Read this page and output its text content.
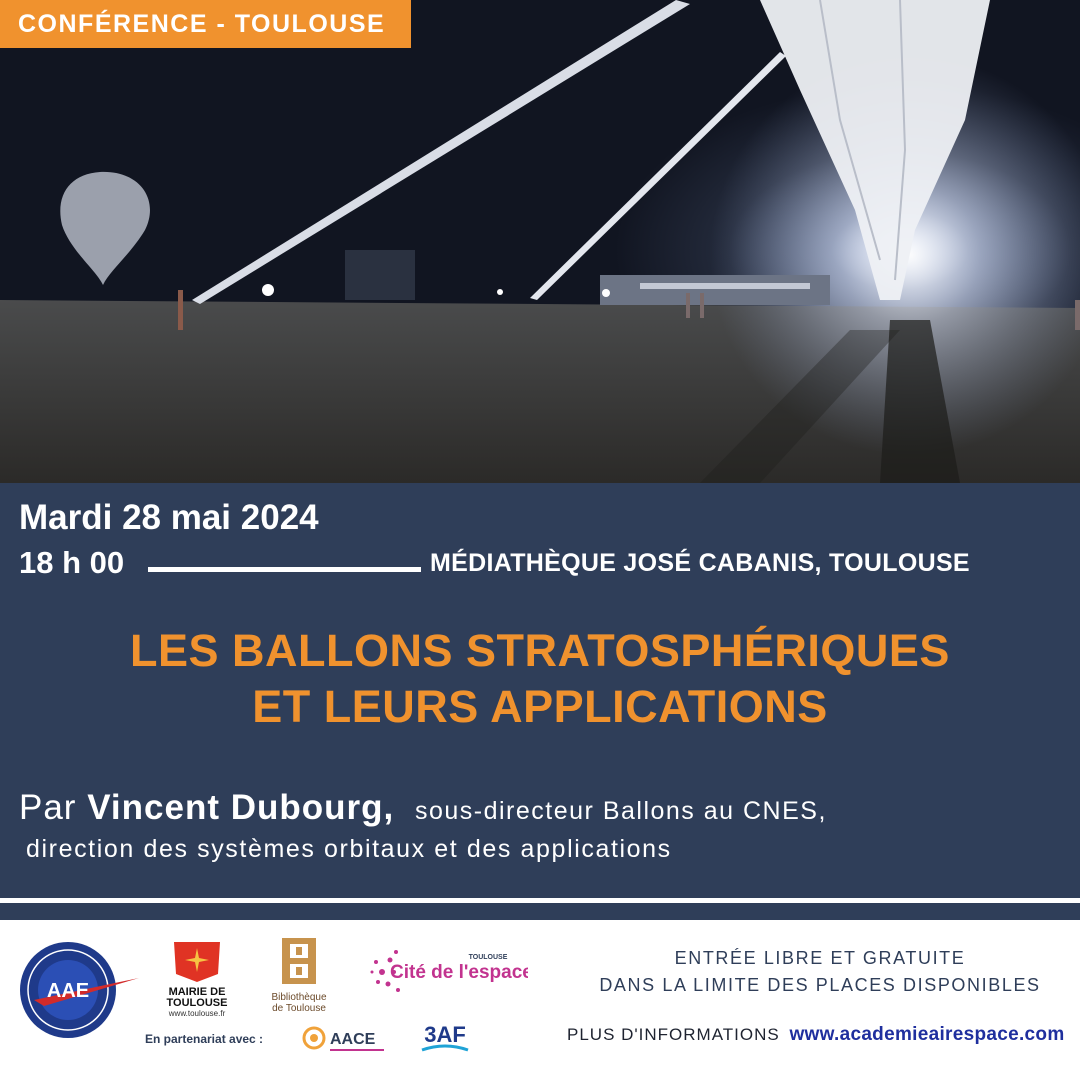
CONFÉRENCE - TOULOUSE
Mardi 28 mai 2024
18 h 00	MÉDIATHÈQUE JOSÉ CABANIS, TOULOUSE
LES BALLONS STRATOSPHÉRIQUES
ET LEURS APPLICATIONS
Par Vincent Dubourg, sous-directeur Ballons au CNES,
direction des systèmes orbitaux et des applications
AAE	MAIRIE DE
TOULOUSE
www.toulouse.fr
Bibliothèque
de Toulouse
TOULOUSE
Cité de l'espace
En partenariat avec :	AACE 3AF
ENTRÉE LIBRE ET GRATUITE
DANS LA LIMITE DES PLACES DISPONIBLES
PLUS D'INFORMATIONS www.academieairespace.com
